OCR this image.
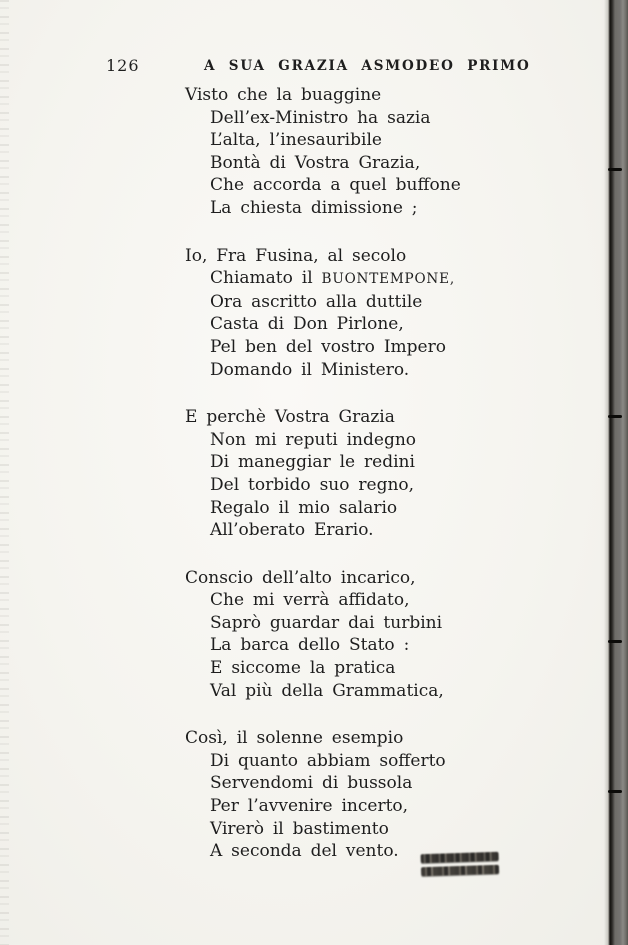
126	A SUA GRAZIA ASMODEO PRIMO
Visto che la buaggine
Dell’ex-Ministro ha sazia
L’alta, l’inesauribile
Bontà di Vostra Grazia,
Che accorda a quel buffone
La chiesta dimissione ;
Io, Fra Fusina, al secolo
Chiamato il BUONTEMPONE,
Ora ascritto alla duttile
Casta di Don Pirlone,
Pel ben del vostro Impero
Domando il Ministero.
E perchè Vostra Grazia
Non mi reputi indegno
Di maneggiar le redini
Del torbido suo regno,
Regalo il mio salario
All’oberato Erario.
Conscio dell’alto incarico,
Che mi verrà affidato,
Saprò guardar dai turbini
La barca dello Stato :
E siccome la pratica
Val più della Grammatica,
Così, il solenne esempio
Di quanto abbiam sofferto
Servendomi di bussola
Per l’avvenire incerto,
Virerò il bastimento
A seconda del vento.
